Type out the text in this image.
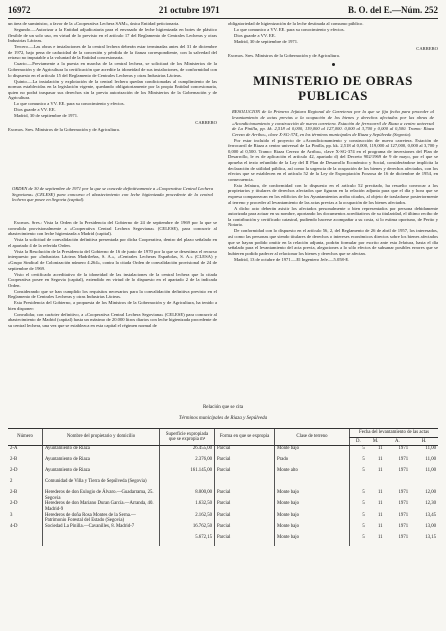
16972	21 octubre 1971	B. O. del E.—Núm. 252

un área de suministro, a favor de la «Cooperativa Lechera SAM», única Entidad peticionaria.

Segundo.—Autorizar a la Entidad adjudicataria para el envasado de leche higienizada en botes de plástico flexible de un solo uso, en virtud de lo previsto en el artículo 17 del Reglamento de Centrales Lecheras y otras Industrias Lácteas.

Tercero.—Las obras e instalaciones de la central lechera deberán estar terminadas antes del 31 de diciembre de 1972, bajo pena de caducidad de la concesión y pérdida de la fianza correspondiente, con la salvedad del retraso no imputable a la voluntad de la Entidad concesionaria.

Cuarto.—Previamente a la puesta en marcha de la central lechera, se solicitará de los Ministerios de la Gobernación y de Agricultura la certificación que acredite la idoneidad de sus instalaciones, de conformidad con lo dispuesto en el artículo 15 del Reglamento de Centrales Lecheras y otras Industrias Lácteas.

Quinto.—La instalación y explotación de la central lechera quedan condicionadas al cumplimiento de las normas establecidas en la legislación vigente, quedando obligatoriamente por la propia Entidad concesionaria, quien no podrá traspasar sus derechos sin la previa autorización de los Ministerios de la Gobernación y de Agricultura.

Lo que comunico a VV. EE. para su conocimiento y efectos.

Dios guarde a VV. EE.

Madrid, 30 de septiembre de 1971.

CARRERO

Excmos. Sres. Ministros de la Gobernación y de Agricultura.

ORDEN de 30 de septiembre de 1971 por la que se concede definitivamente a «Cooperativa Central Lechera Segoviana» (CELESE) para concurso el abastecimiento con leche higienizada procedente de la central lechera que posee en Segovia (capital).

Excmos. Sres.: Vista la Orden de la Presidencia del Gobierno de 24 de septiembre de 1969 por la que se convalida provisionalmente a «Cooperativa Central Lechera Segoviana» (CELESE), para concurrir al abastecimiento con leche higienizada a Madrid (capital).

Vista la solicitud de convalidación definitiva presentada por dicha Cooperativa, dentro del plazo señalado en el apartado 4 de la referida Orden.

Vista la Resolución de la Presidencia del Gobierno de 16 de junio de 1970 por la que se desestima el recurso interpuesto por «Industrias Lácteas Madrileñas, S. A.», «Centrales Lecheras Españolas, S. A.» (CLESA) y «Grupo Sindical de Colonización número 4.264», contra la citada Orden de convalidación provisional de 24 de septiembre de 1969.

Visto el certificado acreditativo de la idoneidad de las instalaciones de la central lechera que la citada Cooperativa posee en Segovia (capital), extendido en virtud de lo dispuesto en el apartado 2 de la indicada Orden.

Considerando que se han cumplido los requisitos necesarios para la convalidación definitiva previsto en el Reglamento de Centrales Lecheras y otras Industrias Lácteas.

Esta Presidencia del Gobierno, a propuesta de los Ministros de la Gobernación y de Agricultura, ha tenido a bien disponer:

Convalidar, con carácter definitivo, a «Cooperativa Central Lechera Segoviana» (CELESE) para concurrir al abastecimiento de Madrid (capital) hasta un máximo de 20.000 litros diarios con leche higienizada procedente de su central lechera, una vez que se establezca en esta capital el régimen normal de

obligatoriedad de higienización de la leche destinada al consumo público.

Lo que comunico a VV. EE. para su conocimiento y efectos.

Dios guarde a VV. EE.

Madrid, 30 de septiembre de 1971.

CARRERO

Excmos. Sres. Ministros de la Gobernación y de Agricultura.

MINISTERIO DE OBRAS PUBLICAS

RESOLUCION de la Primera Jefatura Regional de Carreteras por la que se fija fecha para proceder al levantamiento de actas previas a la ocupación de los bienes y derechos afectados por las obras de «Acondicionamiento y construcción de nueva carretera. Estación de ferrocarril de Riaza a centro universal de La Pinilla, pp. kk. 2,518 al 0,000, 119,000 al 127,000. 0,000 al 3,700 y 0,000 al 0,500. Tramo: Riaza Cerezo de Arriba», clave X-SG-374, en los términos municipales de Riaza y Sepúlveda (Segovia).

Por estar incluido el proyecto de «Acondicionamiento y construcción de nueva carretera. Estación de ferrocarril de Riaza a centro universal de La Pinilla, pp. kk. 2,518 al 0,000, 119,000 al 127,000, 0,000 al 3,700 y 0,000 al 0,500. Tramo: Riaza Cerezo de Arriba», clave X-SG-374 en el programa de inversiones del Plan de Desarrollo, le es de aplicación el artículo 42, apartado d) del Decreto 902/1969 de 9 de mayo, por el que se aprueba el texto refundido de la Ley del II Plan de Desarrollo Económico y Social, considerándose implícita la declaración de utilidad pública, así como la urgencia de la ocupación de los bienes y derechos afectados, con los efectos que se establecen en el artículo 52 de la Ley de Expropiación Forzosa de 16 de diciembre de 1954, en consecuencia.

Esta Jefatura, de conformidad con lo dispuesto en el artículo 52 precitado, ha resuelto convocar a los propietarios y titulares de derechos afectados que figuran en la relación adjunta para que el día y hora que se expresa comparezcan en los edificios de los Ayuntamientos arriba citados, al objeto de trasladarse posteriormente al terreno y proceder al levantamiento de las actas previas a la ocupación de los bienes afectados.

A dicho acto deberán asistir los afectados personalmente o bien representados por persona debidamente autorizada para actuar en su nombre, aportando los documentos acreditativos de su titularidad, el último recibo de la contribución y certificado catastral, pudiendo hacerse acompañar a su costa, si lo estima oportuno, de Perito y Notario.

De conformidad con lo dispuesto en el artículo 56, 2, del Reglamento de 26 de abril de 1957, los interesados, así como las personas que siendo titulares de derechos o intereses económicos directos sobre los bienes afectados que se hayan podido omitir en la relación adjunta, podrán formular por escrito ante esta Jefatura, hasta el día señalado para el levantamiento del acta previa, alegaciones a lo sólo efectos de subsanar posibles errores que se hubieren podido padecer al relacionar los bienes y derechos que se afectan.

Madrid, 13 de octubre de 1971.—El Ingeniero Jefe.—5.058-E.

Relación que se cita
Términos municipales de Riaza y Sepúlveda
Número	Nombre del propietario y domicilio	Superficie expropiada que se expropia m²	Forma en que se expropia	Clase de terreno	Fecha del levantamiento de las actas			
					D.	M.	A.	H.
2-A	Ayuntamiento de Riaza	26.455,00	Parcial	Monte bajo	5	11	1971	11,00
2-B	Ayuntamiento de Riaza	2.376,00	Parcial	Prado	5	11	1971	11,00
2-D	Ayuntamiento de Riaza	161.145,00	Parcial	Monte alto	5	11	1971	11,00
2	Comunidad de Villa y Tierra de Sepúlveda (Segovia)							
2-B	Herederos de don Eulogio de Álvaro.—Guadarrama, 25. Segovia	8.000,00	Parcial	Monte bajo	5	11	1971	12,00
2-D	Herederos de don Mariano Duran García.—Arranda, 40. Madrid-9	1.632,50	Parcial	Monte bajo	5	11	1971	12,30
3	Herederos de doña Rosa Montes de la Serna.—Patrimonio Forestal del Estado (Segovia)	2.162,50	Parcial	Monte bajo	5	11	1971	13,45
4-D	Sociedad La Pinilla.—Cavanilles, 8. Madrid-7	16.762,50	Parcial	Monte bajo	5	11	1971	13,00
		5.672,15	Parcial	Monte bajo	5	11	1971	13,15
